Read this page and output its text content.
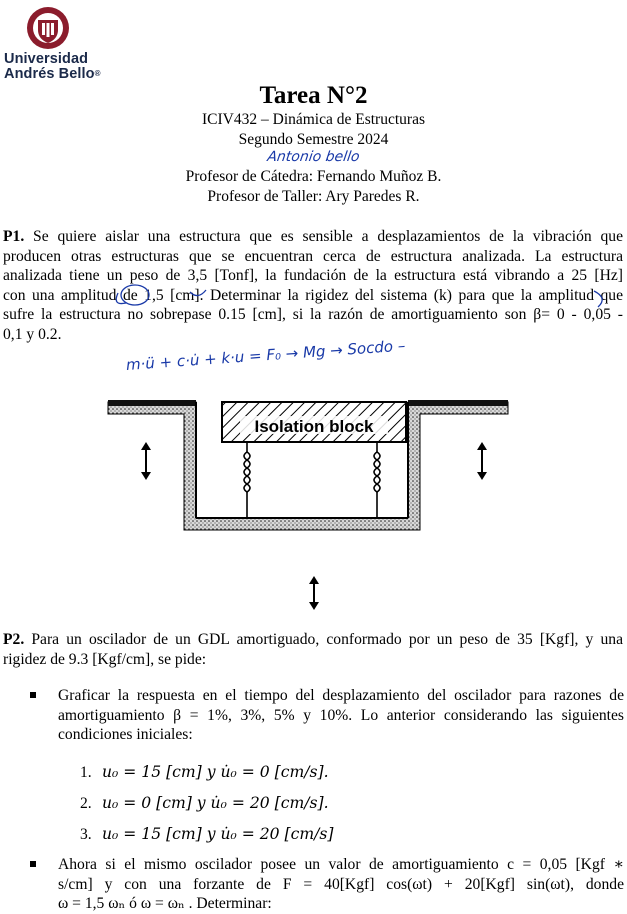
Universidad
Andrés Bello®
Tarea N°2
ICIV432 – Dinámica de Estructuras
Segundo Semestre 2024
Antonio bello
Profesor de Cátedra: Fernando Muñoz B.
Profesor de Taller: Ary Paredes R.
P1. Se quiere aislar una estructura que es sensible a desplazamientos de la vibración que
producen otras estructuras que se encuentran cerca de estructura analizada. La estructura
analizada tiene un peso de 3,5 [Tonf], la fundación de la estructura está vibrando a 25 [Hz]
con una amplitud de 1,5 [cm]. Determinar la rigidez del sistema (k) para que la amplitud que
sufre la estructura no sobrepase 0.15 [cm], si la razón de amortiguamiento son β= 0 - 0,05 -
0,1 y 0.2.
m·ü + c·u̇ + k·u = F₀ → Mg → Socdo –
Isolation block
P2. Para un oscilador de un GDL amortiguado, conformado por un peso de 35 [Kgf], y una
rigidez de 9.3 [Kgf/cm], se pide:
Graficar la respuesta en el tiempo del desplazamiento del oscilador para razones de
amortiguamiento β = 1%, 3%, 5% y 10%. Lo anterior considerando las siguientes
condiciones iniciales:
1. u₀ = 15 [cm] y u̇₀ = 0 [cm/s].
2. u₀ = 0 [cm] y u̇₀ = 20 [cm/s].
3. u₀ = 15 [cm] y u̇₀ = 20 [cm/s]
Ahora si el mismo oscilador posee un valor de amortiguamiento c = 0,05 [Kgf ∗
s/cm] y con una forzante de F = 40[Kgf] cos(ωt) + 20[Kgf] sin(ωt), donde
ω = 1,5 ωₙ ó ω = ωₙ . Determinar:
